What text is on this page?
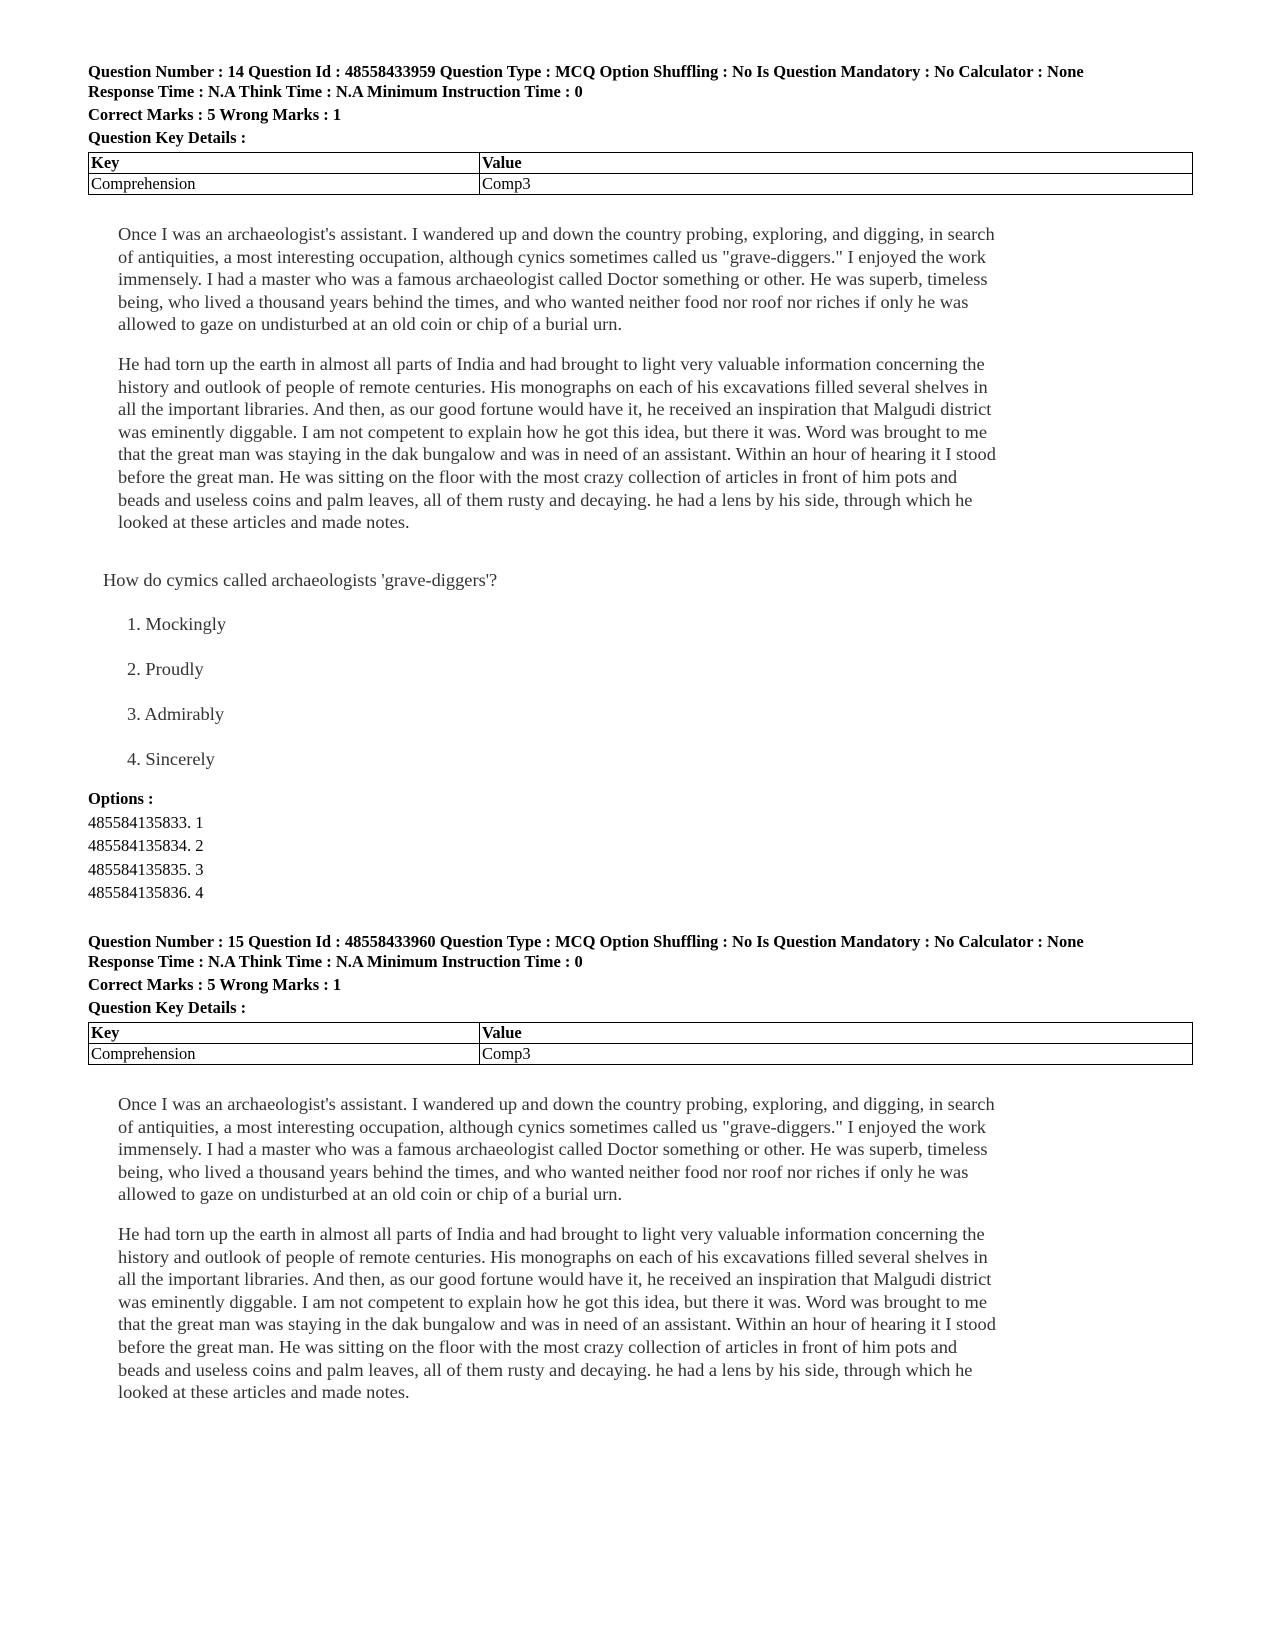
Question Number : 14 Question Id : 48558433959 Question Type : MCQ Option Shuffling : No Is Question Mandatory : No Calculator : None

Response Time : N.A Think Time : N.A Minimum Instruction Time : 0

Correct Marks : 5 Wrong Marks : 1

Question Key Details :

Key	Value
Comprehension	Comp3

Once I was an archaeologist's assistant. I wandered up and down the country probing, exploring, and digging, in search of antiquities, a most interesting occupation, although cynics sometimes called us "grave-diggers." I enjoyed the work immensely. I had a master who was a famous archaeologist called Doctor something or other. He was superb, timeless being, who lived a thousand years behind the times, and who wanted neither food nor roof nor riches if only he was allowed to gaze on undisturbed at an old coin or chip of a burial urn.

He had torn up the earth in almost all parts of India and had brought to light very valuable information concerning the history and outlook of people of remote centuries. His monographs on each of his excavations filled several shelves in all the important libraries. And then, as our good fortune would have it, he received an inspiration that Malgudi district was eminently diggable. I am not competent to explain how he got this idea, but there it was. Word was brought to me that the great man was staying in the dak bungalow and was in need of an assistant. Within an hour of hearing it I stood before the great man. He was sitting on the floor with the most crazy collection of articles in front of him pots and beads and useless coins and palm leaves, all of them rusty and decaying. he had a lens by his side, through which he looked at these articles and made notes.

How do cymics called archaeologists 'grave-diggers'?
1. Mockingly
2. Proudly
3. Admirably
4. Sincerely
Options :
485584135833. 1
485584135834. 2
485584135835. 3
485584135836. 4

Question Number : 15 Question Id : 48558433960 Question Type : MCQ Option Shuffling : No Is Question Mandatory : No Calculator : None

Response Time : N.A Think Time : N.A Minimum Instruction Time : 0

Correct Marks : 5 Wrong Marks : 1

Question Key Details :

Key	Value
Comprehension	Comp3

Once I was an archaeologist's assistant. I wandered up and down the country probing, exploring, and digging, in search of antiquities, a most interesting occupation, although cynics sometimes called us "grave-diggers." I enjoyed the work immensely. I had a master who was a famous archaeologist called Doctor something or other. He was superb, timeless being, who lived a thousand years behind the times, and who wanted neither food nor roof nor riches if only he was allowed to gaze on undisturbed at an old coin or chip of a burial urn.

He had torn up the earth in almost all parts of India and had brought to light very valuable information concerning the history and outlook of people of remote centuries. His monographs on each of his excavations filled several shelves in all the important libraries. And then, as our good fortune would have it, he received an inspiration that Malgudi district was eminently diggable. I am not competent to explain how he got this idea, but there it was. Word was brought to me that the great man was staying in the dak bungalow and was in need of an assistant. Within an hour of hearing it I stood before the great man. He was sitting on the floor with the most crazy collection of articles in front of him pots and beads and useless coins and palm leaves, all of them rusty and decaying. he had a lens by his side, through which he looked at these articles and made notes.
